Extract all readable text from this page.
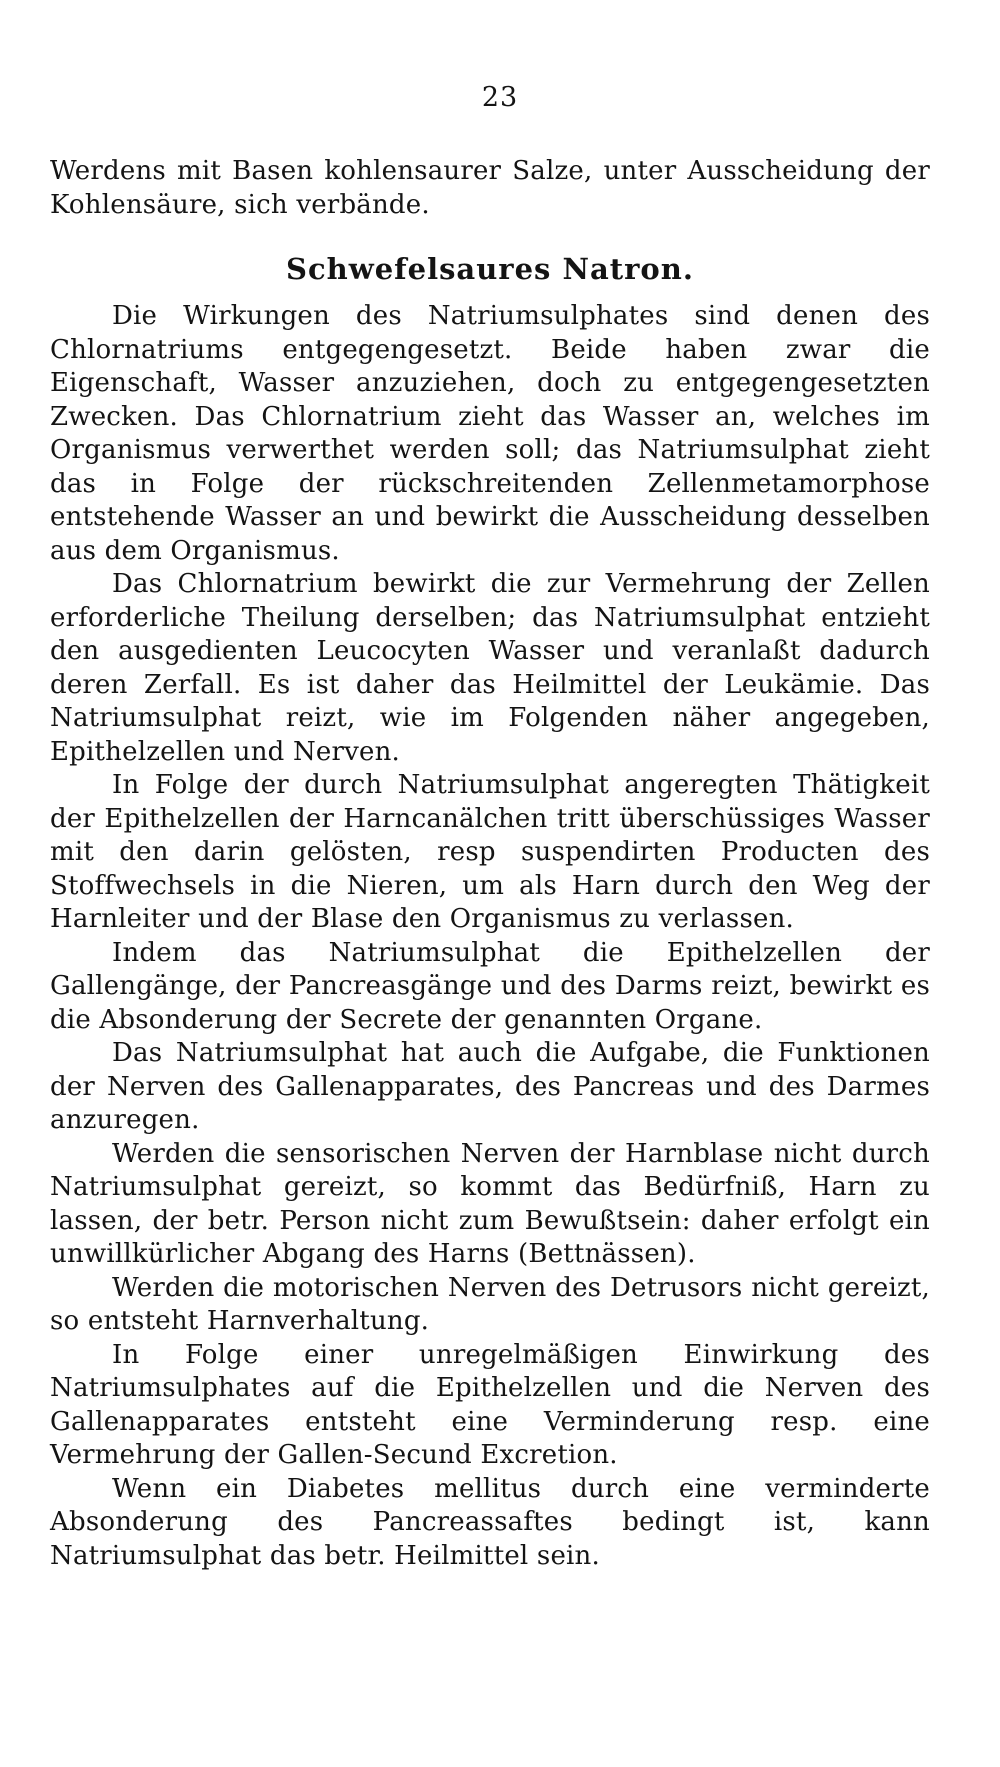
23

Werdens mit Basen kohlensaurer Salze, unter Ausscheidung der Kohlensäure, sich verbände.

Schwefelsaures Natron.

Die Wirkungen des Natriumsulphates sind denen des Chlornatriums entgegengesetzt. Beide haben zwar die Eigenschaft, Wasser anzuziehen, doch zu entgegengesetzten Zwecken. Das Chlornatrium zieht das Wasser an, welches im Organismus verwerthet werden soll; das Natriumsulphat zieht das in Folge der rückschreitenden Zellenmetamorphose entstehende Wasser an und bewirkt die Ausscheidung desselben aus dem Organismus.

Das Chlornatrium bewirkt die zur Vermehrung der Zellen erforderliche Theilung derselben; das Natriumsulphat entzieht den ausgedienten Leucocyten Wasser und veranlaßt dadurch deren Zerfall. Es ist daher das Heilmittel der Leukämie. Das Natriumsulphat reizt, wie im Folgenden näher angegeben, Epithelzellen und Nerven.

In Folge der durch Natriumsulphat angeregten Thätigkeit der Epithelzellen der Harncanälchen tritt überschüssiges Wasser mit den darin gelösten, resp suspendirten Producten des Stoffwechsels in die Nieren, um als Harn durch den Weg der Harnleiter und der Blase den Organismus zu verlassen.

Indem das Natriumsulphat die Epithelzellen der Gallengänge, der Pancreasgänge und des Darms reizt, bewirkt es die Absonderung der Secrete der genannten Organe.

Das Natriumsulphat hat auch die Aufgabe, die Funktionen der Nerven des Gallenapparates, des Pancreas und des Darmes anzuregen.

Werden die sensorischen Nerven der Harnblase nicht durch Natriumsulphat gereizt, so kommt das Bedürfniß, Harn zu lassen, der betr. Person nicht zum Bewußtsein: daher erfolgt ein unwillkürlicher Abgang des Harns (Bettnässen).

Werden die motorischen Nerven des Detrusors nicht gereizt, so entsteht Harnverhaltung.

In Folge einer unregelmäßigen Einwirkung des Natriumsulphates auf die Epithelzellen und die Nerven des Gallenapparates entsteht eine Verminderung resp. eine Vermehrung der Gallen-Secund Excretion.

Wenn ein Diabetes mellitus durch eine verminderte Absonderung des Pancreassaftes bedingt ist, kann Natriumsulphat das betr. Heilmittel sein.
